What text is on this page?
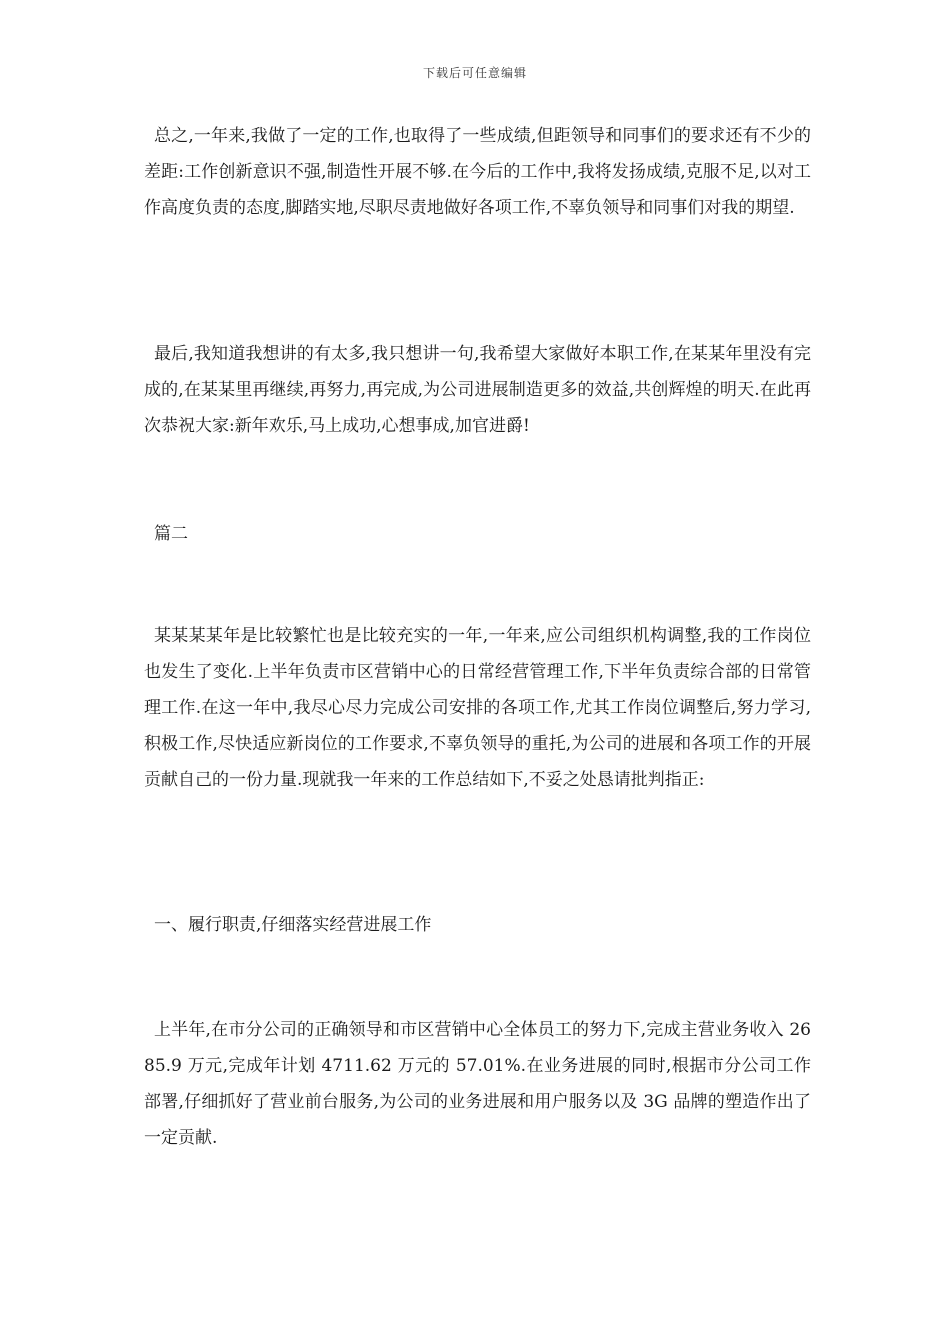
下载后可任意编辑

总之,一年来,我做了一定的工作,也取得了一些成绩,但距领导和同事们的要求还有不少的差距:工作创新意识不强,制造性开展不够.在今后的工作中,我将发扬成绩,克服不足,以对工作高度负责的态度,脚踏实地,尽职尽责地做好各项工作,不辜负领导和同事们对我的期望.

最后,我知道我想讲的有太多,我只想讲一句,我希望大家做好本职工作,在某某年里没有完成的,在某某里再继续,再努力,再完成,为公司进展制造更多的效益,共创辉煌的明天.在此再次恭祝大家:新年欢乐,马上成功,心想事成,加官进爵!

篇二

某某某某年是比较繁忙也是比较充实的一年,一年来,应公司组织机构调整,我的工作岗位也发生了变化.上半年负责市区营销中心的日常经营管理工作,下半年负责综合部的日常管理工作.在这一年中,我尽心尽力完成公司安排的各项工作,尤其工作岗位调整后,努力学习,积极工作,尽快适应新岗位的工作要求,不辜负领导的重托,为公司的进展和各项工作的开展贡献自己的一份力量.现就我一年来的工作总结如下,不妥之处恳请批判指正:

一、履行职责,仔细落实经营进展工作

上半年,在市分公司的正确领导和市区营销中心全体员工的努力下,完成主营业务收入 2685.9 万元,完成年计划 4711.62 万元的 57.01%.在业务进展的同时,根据市分公司工作部署,仔细抓好了营业前台服务,为公司的业务进展和用户服务以及 3G 品牌的塑造作出了一定贡献.
